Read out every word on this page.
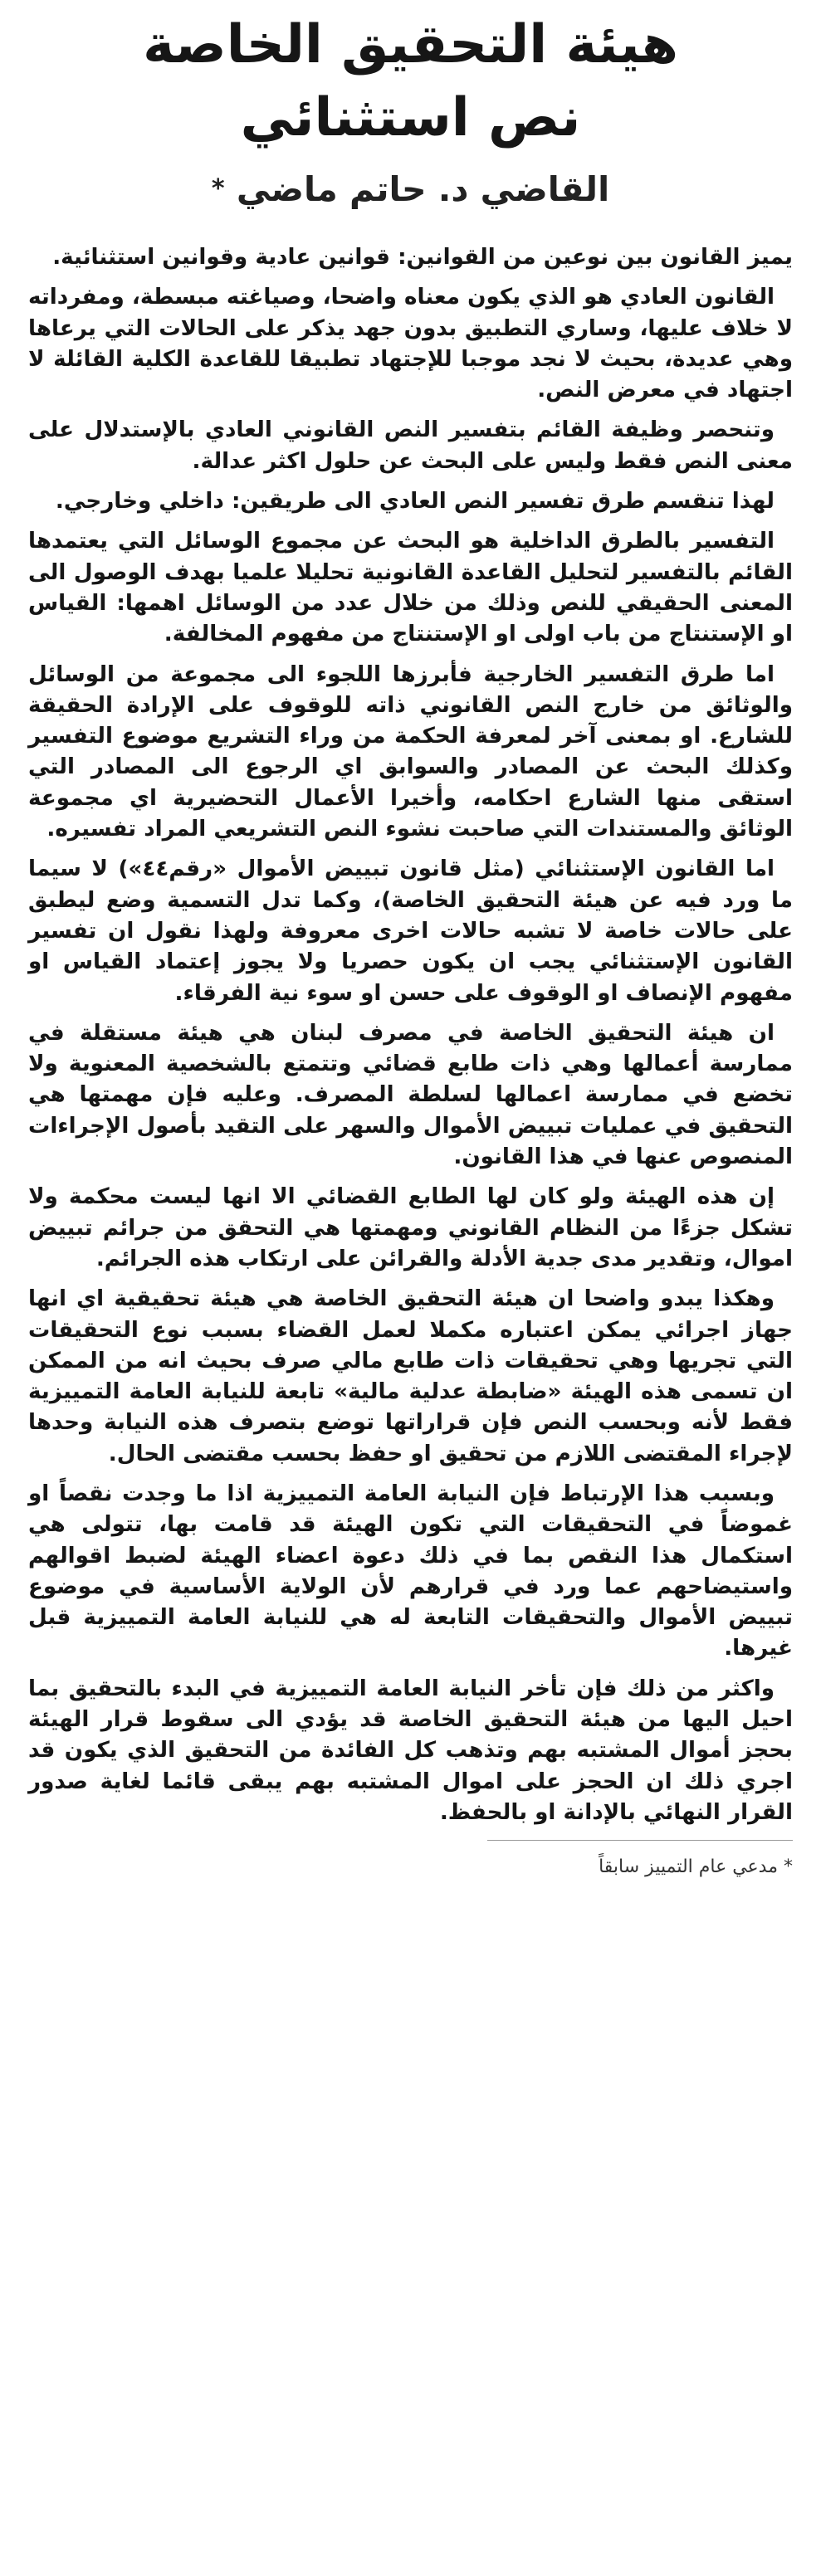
هيئة التحقيق الخاصة
نص استثنائي
القاضي د. حاتم ماضي *

يميز القانون بين نوعين من القوانين: قوانين عادية وقوانين استثنائية.

القانون العادي هو الذي يكون معناه واضحا، وصياغته مبسطة، ومفرداته لا خلاف عليها، وساري التطبيق بدون جهد يذكر على الحالات التي يرعاها وهي عديدة، بحيث لا نجد موجبا للإجتهاد تطبيقا للقاعدة الكلية القائلة لا اجتهاد في معرض النص.

وتنحصر وظيفة القائم بتفسير النص القانوني العادي بالإستدلال على معنى النص فقط وليس على البحث عن حلول اكثر عدالة.

لهذا تنقسم طرق تفسير النص العادي الى طريقين: داخلي وخارجي.

التفسير بالطرق الداخلية هو البحث عن مجموع الوسائل التي يعتمدها القائم بالتفسير لتحليل القاعدة القانونية تحليلا علميا بهدف الوصول الى المعنى الحقيقي للنص وذلك من خلال عدد من الوسائل اهمها: القياس او الإستنتاج من باب اولى او الإستنتاج من مفهوم المخالفة.

اما طرق التفسير الخارجية فأبرزها اللجوء الى مجموعة من الوسائل والوثائق من خارج النص القانوني ذاته للوقوف على الإرادة الحقيقة للشارع. او بمعنى آخر لمعرفة الحكمة من وراء التشريع موضوع التفسير وكذلك البحث عن المصادر والسوابق اي الرجوع الى المصادر التي استقى منها الشارع احكامه، وأخيرا الأعمال التحضيرية اي مجموعة الوثائق والمستندات التي صاحبت نشوء النص التشريعي المراد تفسيره.

اما القانون الإستثنائي (مثل قانون تبييض الأموال «رقم٤٤») لا سيما ما ورد فيه عن هيئة التحقيق الخاصة)، وكما تدل التسمية وضع ليطبق على حالات خاصة لا تشبه حالات اخرى معروفة ولهذا نقول ان تفسير القانون الإستثنائي يجب ان يكون حصريا ولا يجوز إعتماد القياس او مفهوم الإنصاف او الوقوف على حسن او سوء نية الفرقاء.

ان هيئة التحقيق الخاصة في مصرف لبنان هي هيئة مستقلة في ممارسة أعمالها وهي ذات طابع قضائي وتتمتع بالشخصية المعنوية ولا تخضع في ممارسة اعمالها لسلطة المصرف. وعليه فإن مهمتها هي التحقيق في عمليات تبييض الأموال والسهر على التقيد بأصول الإجراءات المنصوص عنها في هذا القانون.

إن هذه الهيئة ولو كان لها الطابع القضائي الا انها ليست محكمة ولا تشكل جزءًا من النظام القانوني ومهمتها هي التحقق من جرائم تبييض اموال، وتقدير مدى جدية الأدلة والقرائن على ارتكاب هذه الجرائم.

وهكذا يبدو واضحا ان هيئة التحقيق الخاصة هي هيئة تحقيقية اي انها جهاز اجرائي يمكن اعتباره مكملا لعمل القضاء بسبب نوع التحقيقات التي تجريها وهي تحقيقات ذات طابع مالي صرف بحيث انه من الممكن ان تسمى هذه الهيئة «ضابطة عدلية مالية» تابعة للنيابة العامة التمييزية فقط لأنه وبحسب النص فإن قراراتها توضع بتصرف هذه النيابة وحدها لإجراء المقتضى اللازم من تحقيق او حفظ بحسب مقتضى الحال.

وبسبب هذا الإرتباط فإن النيابة العامة التمييزية اذا ما وجدت نقصاً او غموضاً في التحقيقات التي تكون الهيئة قد قامت بها، تتولى هي استكمال هذا النقص بما في ذلك دعوة اعضاء الهيئة لضبط اقوالهم واستيضاحهم عما ورد في قرارهم لأن الولاية الأساسية في موضوع تبييض الأموال والتحقيقات التابعة له هي للنيابة العامة التمييزية قبل غيرها.

واكثر من ذلك فإن تأخر النيابة العامة التمييزية في البدء بالتحقيق بما احيل اليها من هيئة التحقيق الخاصة قد يؤدي الى سقوط قرار الهيئة بحجز أموال المشتبه بهم وتذهب كل الفائدة من التحقيق الذي يكون قد اجري ذلك ان الحجز على اموال المشتبه بهم يبقى قائما لغاية صدور القرار النهائي بالإدانة او بالحفظ.

* مدعي عام التمييز سابقاً
